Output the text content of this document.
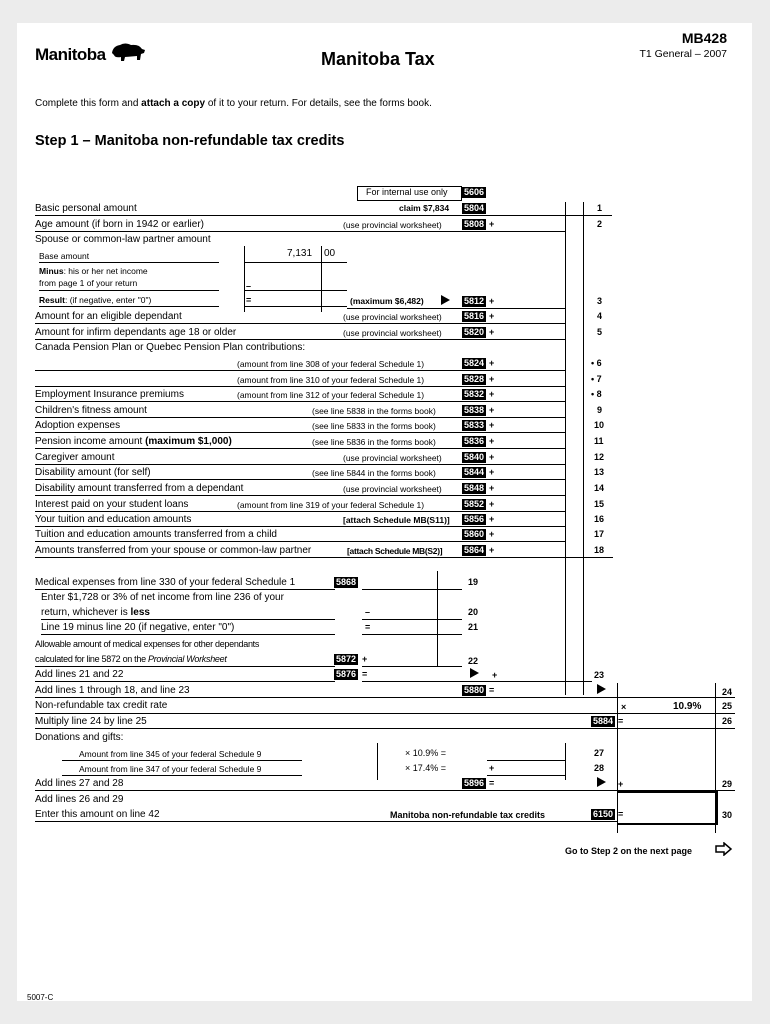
Manitoba	Manitoba Tax
MB428
T1 General – 2007
Complete this form and attach a copy of it to your return. For details, see the forms book.
Step 1 – Manitoba non-refundable tax credits
For internal use only 5606
Basic personal amount	claim $7,834 5804	1
Age amount (if born in 1942 or earlier)	(use provincial worksheet) 5808 +	2
Spouse or common-law partner amount
Base amount	7,131 00
Minus: his or her net income
from page 1 of your return	–
Result: (if negative, enter "0")	=	(maximum $6,482)	5812 +	3
Amount for an eligible dependant	(use provincial worksheet) 5816 +	4
Amount for infirm dependants age 18 or older	(use provincial worksheet) 5820 +	5
Canada Pension Plan or Quebec Pension Plan contributions:
(amount from line 308 of your federal Schedule 1)	5824 +	• 6
(amount from line 310 of your federal Schedule 1)	5828 +	• 7
Employment Insurance premiums	(amount from line 312 of your federal Schedule 1)	5832 +	• 8
Children's fitness amount	(see line 5838 in the forms book)	5838 +	9
Adoption expenses	(see line 5833 in the forms book)	5833 +	10
Pension income amount (maximum $1,000)	(see line 5836 in the forms book)	5836 +	11
Caregiver amount	(use provincial worksheet) 5840 +	12
Disability amount (for self)	(see line 5844 in the forms book)	5844 +	13
Disability amount transferred from a dependant	(use provincial worksheet) 5848 +	14
Interest paid on your student loans	(amount from line 319 of your federal Schedule 1)	5852 +	15
Your tuition and education amounts	[attach Schedule MB(S11)] 5856 +	16
Tuition and education amounts transferred from a child	5860 +	17
Amounts transferred from your spouse or common-law partner	[attach Schedule MB(S2)] 5864 +	18
Medical expenses from line 330 of your federal Schedule 1	5868	19
Enter $1,728 or 3% of net income from line 236 of your
return, whichever is less	–	20
Line 19 minus line 20 (if negative, enter "0")	=	21
Allowable amount of medical expenses for other dependants
calculated for line 5872 on the Provincial Worksheet	5872 +	22
Add lines 21 and 22	5876 =	+	23
Add lines 1 through 18, and line 23	5880 =	24
Non-refundable tax credit rate	×	10.9% 25
Multiply line 24 by line 25	5884 =	26
Donations and gifts:
Amount from line 345 of your federal Schedule 9	× 10.9% =	27
Amount from line 347 of your federal Schedule 9	× 17.4% =	+	28
Add lines 27 and 28	5896 =	+	29
Add lines 26 and 29
Enter this amount on line 42	Manitoba non-refundable tax credits	6150 =	30
Go to Step 2 on the next page
5007-C
